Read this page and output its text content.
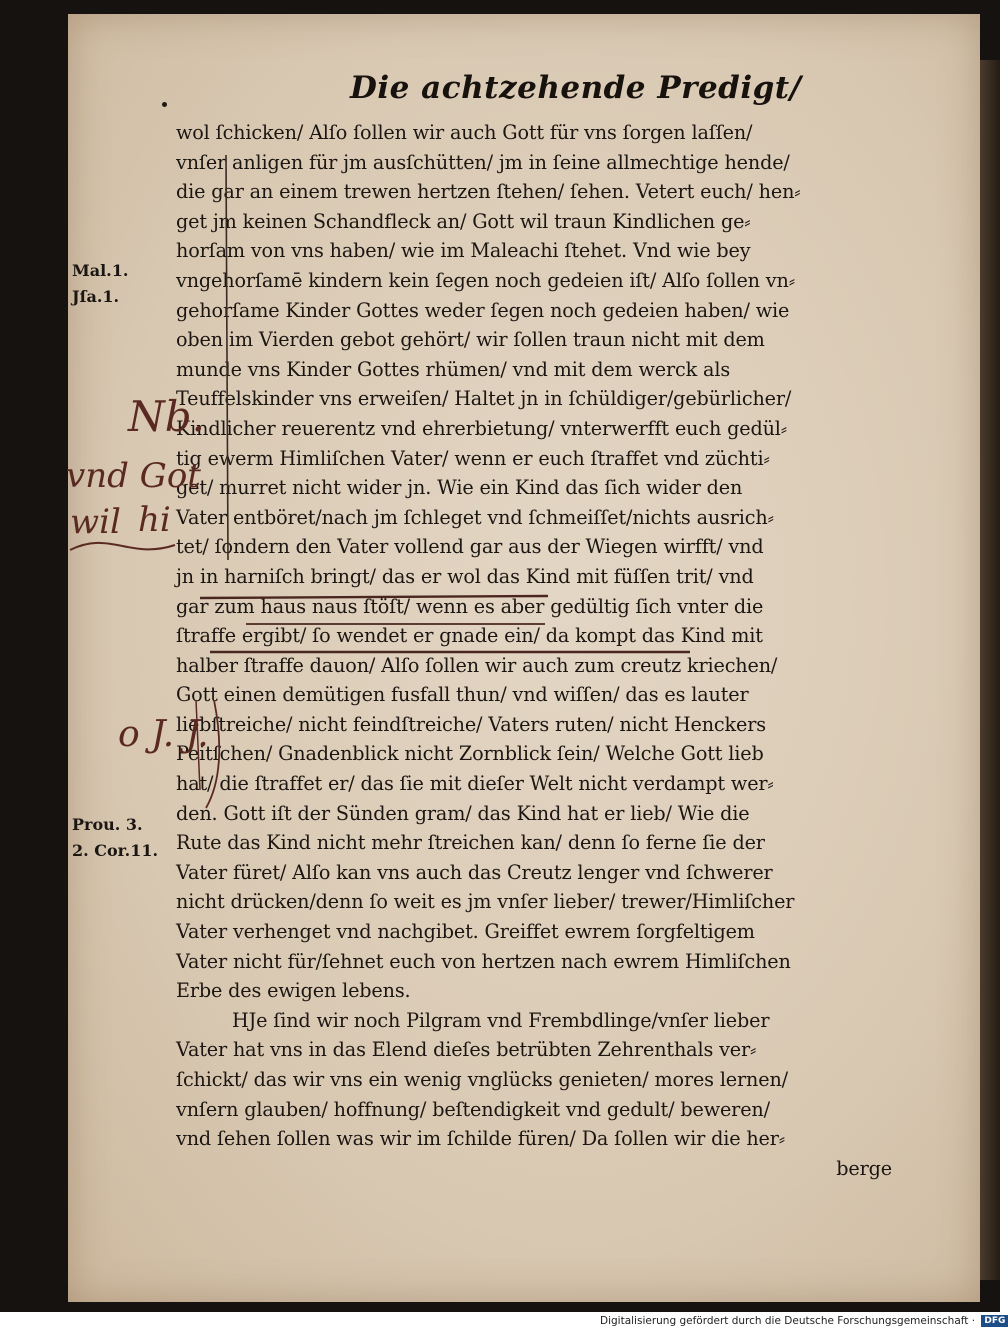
Die achtzehende Predigt/
wol ſchicken/ Alſo ſollen wir auch Gott für vns ſorgen laſſen/
vnſer anligen für jm ausſchütten/ jm in ſeine allmechtige hende/
die gar an einem trewen hertzen ſtehen/ ſehen. Vetert euch/ hen⸗
get jm keinen Schandfleck an/ Gott wil traun Kindlichen ge⸗
horſam von vns haben/ wie im Maleachi ſtehet. Vnd wie bey
vngehorſamē kindern kein ſegen noch gedeien iſt/ Alſo ſollen vn⸗
gehorſame Kinder Gottes weder ſegen noch gedeien haben/ wie
oben im Vierden gebot gehört/ wir ſollen traun nicht mit dem
munde vns Kinder Gottes rhümen/ vnd mit dem werck als
Teuffelskinder vns erweiſen/ Haltet jn in ſchüldiger/gebürlicher/
Kindlicher reuerentz vnd ehrerbietung/ vnterwerfft euch gedül⸗
tig ewerm Himliſchen Vater/ wenn er euch ſtraffet vnd züchti⸗
get/ murret nicht wider jn. Wie ein Kind das ſich wider den
Vater entböret/nach jm ſchleget vnd ſchmeiſſet/nichts ausrich⸗
tet/ ſondern den Vater vollend gar aus der Wiegen wirfft/ vnd
jn in harniſch bringt/ das er wol das Kind mit füſſen trit/ vnd
gar zum haus naus ſtöſt/ wenn es aber gedültig ſich vnter die
ſtraffe ergibt/ ſo wendet er gnade ein/ da kompt das Kind mit
halber ſtraffe dauon/ Alſo ſollen wir auch zum creutz kriechen/
Gott einen demütigen fusfall thun/ vnd wiſſen/ das es lauter
liebſtreiche/ nicht feindſtreiche/ Vaters ruten/ nicht Henckers
Peitſchen/ Gnadenblick nicht Zornblick ſein/ Welche Gott lieb
hat/ die ſtraffet er/ das ſie mit dieſer Welt nicht verdampt wer⸗
den. Gott iſt der Sünden gram/ das Kind hat er lieb/ Wie die
Rute das Kind nicht mehr ſtreichen kan/ denn ſo ferne ſie der
Vater füret/ Alſo kan vns auch das Creutz lenger vnd ſchwerer
nicht drücken/denn ſo weit es jm vnſer lieber/ trewer/Himliſcher
Vater verhenget vnd nachgibet. Greiffet ewrem ſorgfeltigem
Vater nicht für/ſehnet euch von hertzen nach ewrem Himliſchen
Erbe des ewigen lebens.
HJe ſind wir noch Pilgram vnd Frembdlinge/vnſer lieber
Vater hat vns in das Elend dieſes betrübten Zehrenthals ver⸗
ſchickt/ das wir vns ein wenig vnglücks genieten/ mores lernen/
vnſern glauben/ hoffnung/ beſtendigkeit vnd gedult/ beweren/
vnd ſehen ſollen was wir im ſchilde füren/ Da ſollen wir die her⸗
berge
Mal.1.
Jſa.1.
Prou. 3.
2. Cor.11.
Nb.
vnd Got
wil hi
o J. J.
Digitalisierung gefördert durch die Deutsche Forschungsgemeinschaft · DFG
